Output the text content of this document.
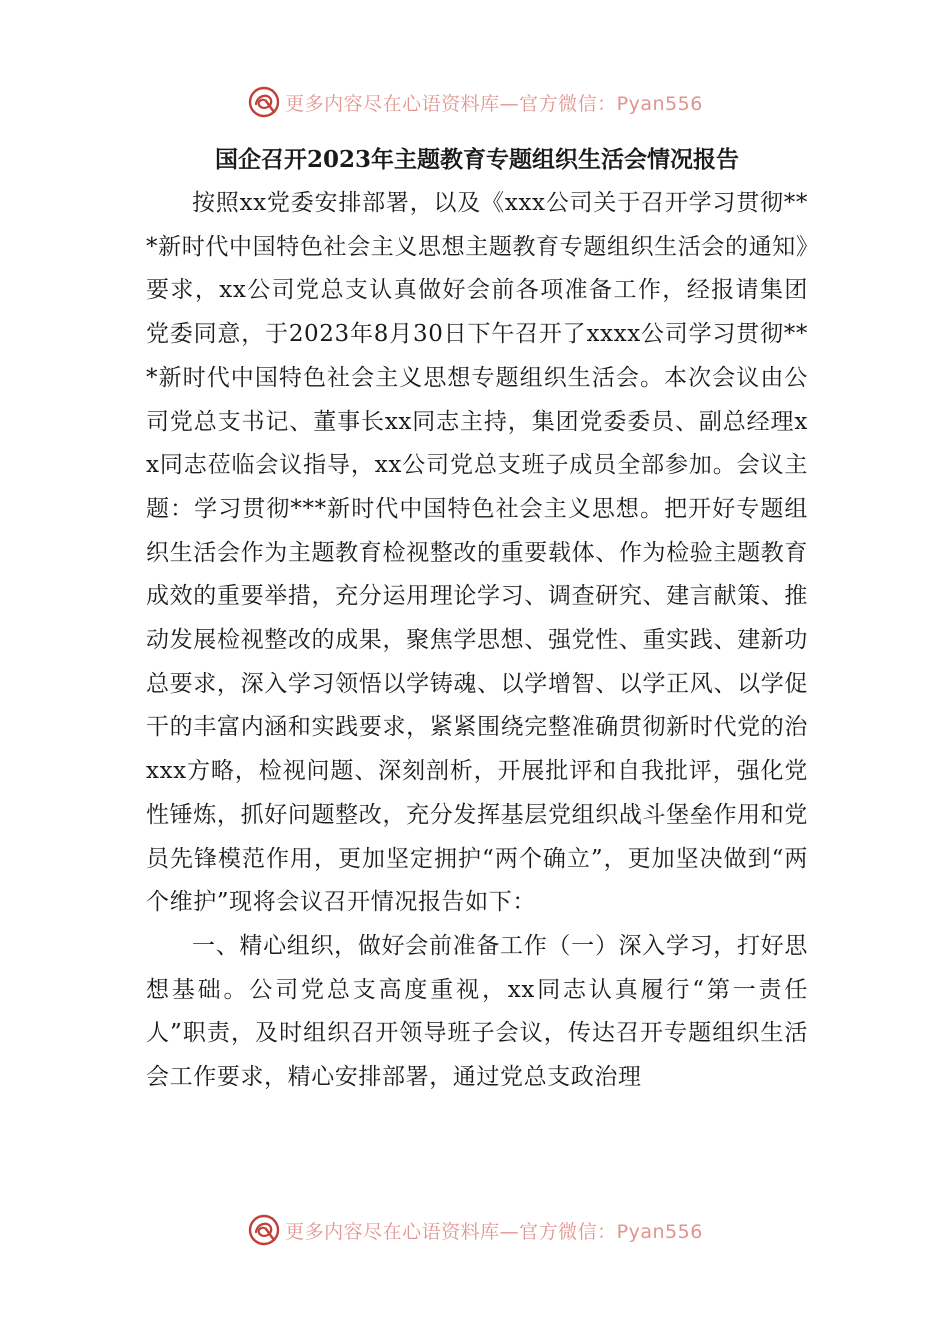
更多内容尽在心语资料库—官方微信：Pyan556
国企召开2023年主题教育专题组织生活会情况报告

按照xx党委安排部署，以及《xxx公司关于召开学习贯彻***新时代中国特色社会主义思想主题教育专题组织生活会的通知》要求，xx公司党总支认真做好会前各项准备工作，经报请集团党委同意，于2023年8月30日下午召开了xxxx公司学习贯彻***新时代中国特色社会主义思想专题组织生活会。本次会议由公司党总支书记、董事长xx同志主持，集团党委委员、副总经理xx同志莅临会议指导，xx公司党总支班子成员全部参加。会议主题：学习贯彻***新时代中国特色社会主义思想。把开好专题组织生活会作为主题教育检视整改的重要载体、作为检验主题教育成效的重要举措，充分运用理论学习、调查研究、建言献策、推动发展检视整改的成果，聚焦学思想、强党性、重实践、建新功总要求，深入学习领悟以学铸魂、以学增智、以学正风、以学促干的丰富内涵和实践要求，紧紧围绕完整准确贯彻新时代党的治xxx方略，检视问题、深刻剖析，开展批评和自我批评，强化党性锤炼，抓好问题整改，充分发挥基层党组织战斗堡垒作用和党员先锋模范作用，更加坚定拥护“两个确立”，更加坚决做到“两个维护”现将会议召开情况报告如下：

一、精心组织，做好会前准备工作（一）深入学习，打好思想基础。公司党总支高度重视，xx同志认真履行“第一责任人”职责，及时组织召开领导班子会议，传达召开专题组织生活会工作要求，精心安排部署，通过党总支政治理

更多内容尽在心语资料库—官方微信：Pyan556
